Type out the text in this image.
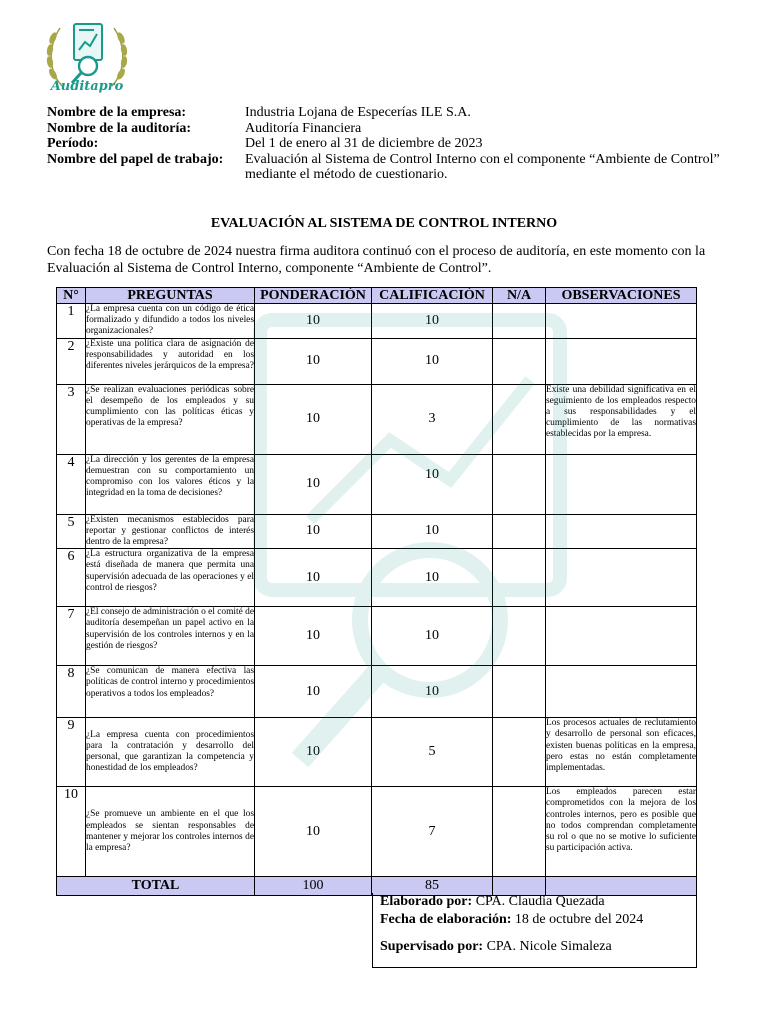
Auditapro
Nombre de la empresa:	Industria Lojana de Especerías ILE S.A.
Nombre de la auditoría:	Auditoría Financiera
Período:	Del 1 de enero al 31 de diciembre de 2023
Nombre del papel de trabajo:	Evaluación al Sistema de Control Interno con el componente “Ambiente de Control” mediante el método de cuestionario.
EVALUACIÓN AL SISTEMA DE CONTROL INTERNO
Con fecha 18 de octubre de 2024 nuestra firma auditora continuó con el proceso de auditoría, en este momento con la Evaluación al Sistema de Control Interno, componente “Ambiente de Control”.
N°	PREGUNTAS	PONDERACIÓN	CALIFICACIÓN	N/A	OBSERVACIONES
1	¿La empresa cuenta con un código de ética formalizado y difundido a todos los niveles organizacionales?	10	10		
2	¿Existe una política clara de asignación de responsabilidades y autoridad en los diferentes niveles jerárquicos de la empresa?	10	10		
3	¿Se realizan evaluaciones periódicas sobre el desempeño de los empleados y su cumplimiento con las políticas éticas y operativas de la empresa?	10	3		Existe una debilidad significativa en el seguimiento de los empleados respecto a sus responsabilidades y el cumplimiento de las normativas establecidas por la empresa.
4	¿La dirección y los gerentes de la empresa demuestran con su comportamiento un compromiso con los valores éticos y la integridad en la toma de decisiones?	10	10		
5	¿Existen mecanismos establecidos para reportar y gestionar conflictos de interés dentro de la empresa?	10	10		
6	¿La estructura organizativa de la empresa está diseñada de manera que permita una supervisión adecuada de las operaciones y el control de riesgos?	10	10		
7	¿El consejo de administración o el comité de auditoría desempeñan un papel activo en la supervisión de los controles internos y en la gestión de riesgos?	10	10		
8	¿Se comunican de manera efectiva las políticas de control interno y procedimientos operativos a todos los empleados?	10	10		
9	¿La empresa cuenta con procedimientos para la contratación y desarrollo del personal, que garantizan la competencia y honestidad de los empleados?	10	5		Los procesos actuales de reclutamiento y desarrollo de personal son eficaces, existen buenas políticas en la empresa, pero estas no están completamente implementadas.
10	¿Se promueve un ambiente en el que los empleados se sientan responsables de mantener y mejorar los controles internos de la empresa?	10	7		Los empleados parecen estar comprometidos con la mejora de los controles internos, pero es posible que no todos comprendan completamente su rol o que no se motive lo suficiente su participación activa.
TOTAL		100	85		
Elaborado por: CPA. Claudia Quezada
Fecha de elaboración: 18 de octubre del 2024
Supervisado por: CPA. Nicole Simaleza
